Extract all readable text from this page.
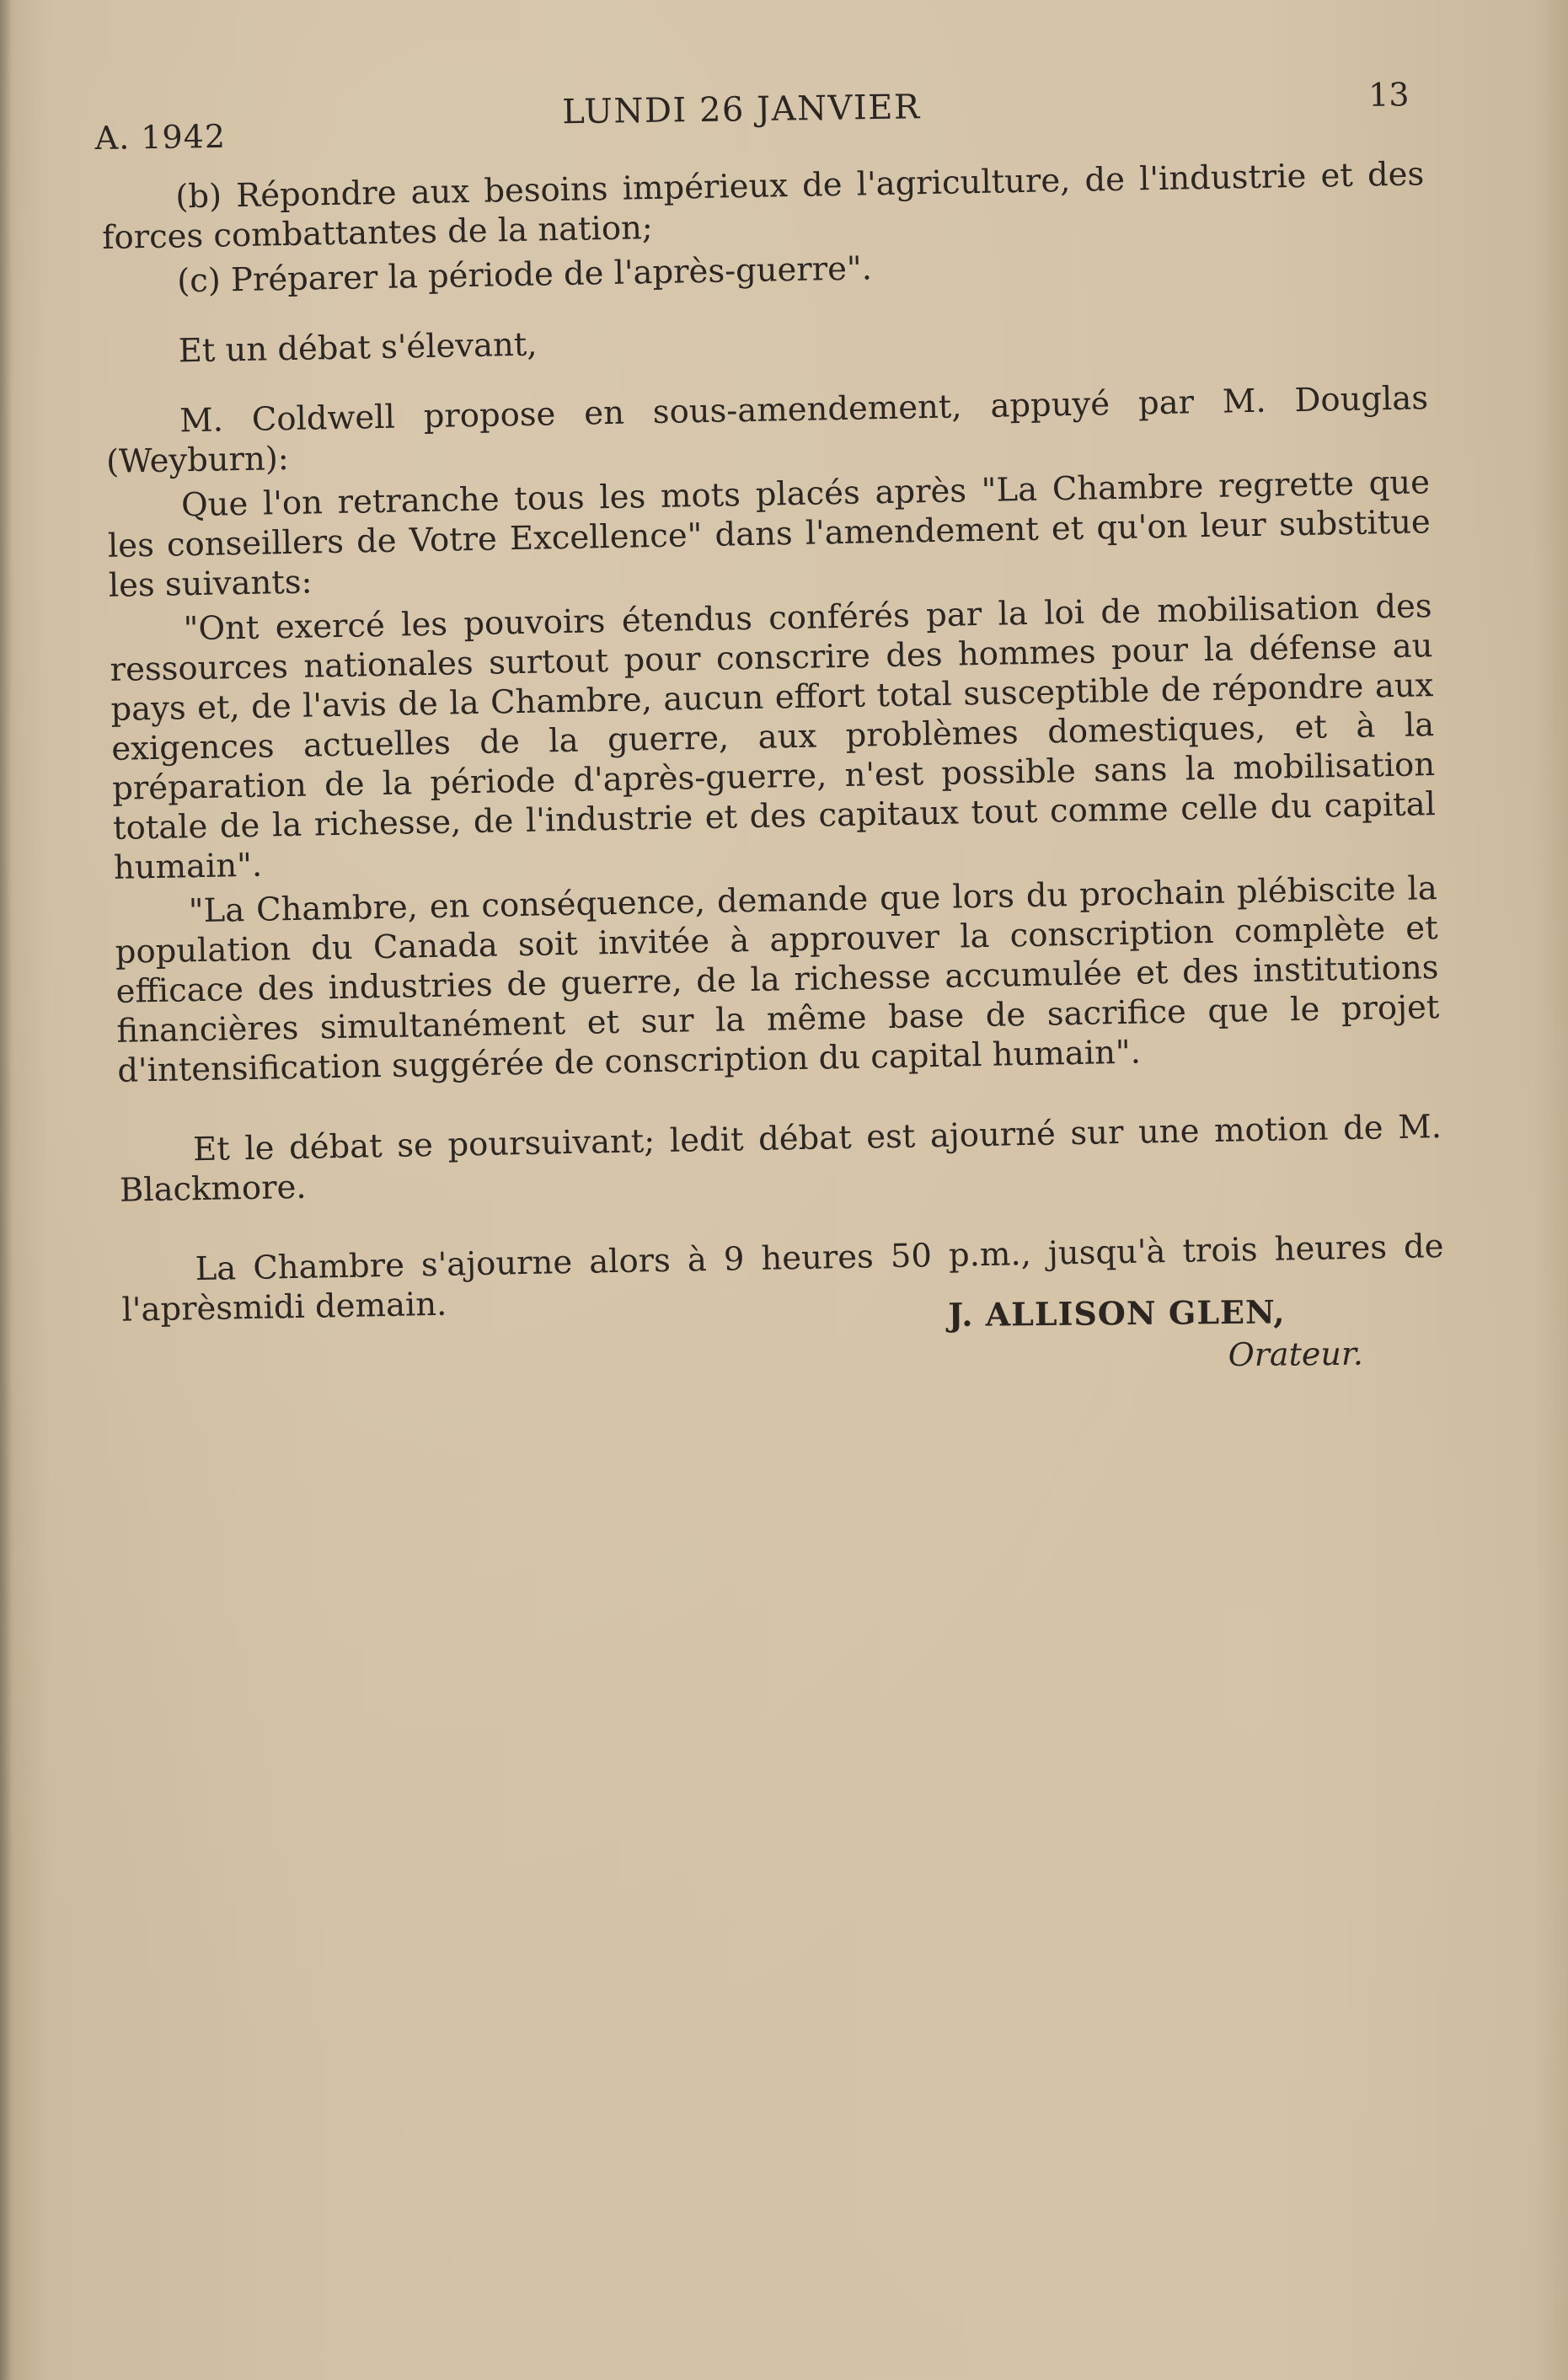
A. 1942
LUNDI 26 JANVIER	13

(b) Répondre aux besoins impérieux de l'agriculture, de l'industrie et des forces combattantes de la nation;

(c) Préparer la période de l'après-guerre".

Et un débat s'élevant,

M. Coldwell propose en sous-amendement, appuyé par M. Douglas (Weyburn):

Que l'on retranche tous les mots placés après "La Chambre regrette que les conseillers de Votre Excellence" dans l'amendement et qu'on leur substitue les suivants:

"Ont exercé les pouvoirs étendus conférés par la loi de mobilisation des ressources nationales surtout pour conscrire des hommes pour la défense au pays et, de l'avis de la Chambre, aucun effort total susceptible de répondre aux exigences actuelles de la guerre, aux problèmes domestiques, et à la préparation de la période d'après-guerre, n'est possible sans la mobilisation totale de la richesse, de l'industrie et des capitaux tout comme celle du capital humain".

"La Chambre, en conséquence, demande que lors du prochain plébiscite la population du Canada soit invitée à approuver la conscription complète et efficace des industries de guerre, de la richesse accumulée et des institutions financières simultanément et sur la même base de sacrifice que le projet d'intensification suggérée de conscription du capital humain".

Et le débat se poursuivant; ledit débat est ajourné sur une motion de M. Blackmore.

La Chambre s'ajourne alors à 9 heures 50 p.m., jusqu'à trois heures de l'aprèsmidi demain.	J. ALLISON GLEN,
Orateur.
